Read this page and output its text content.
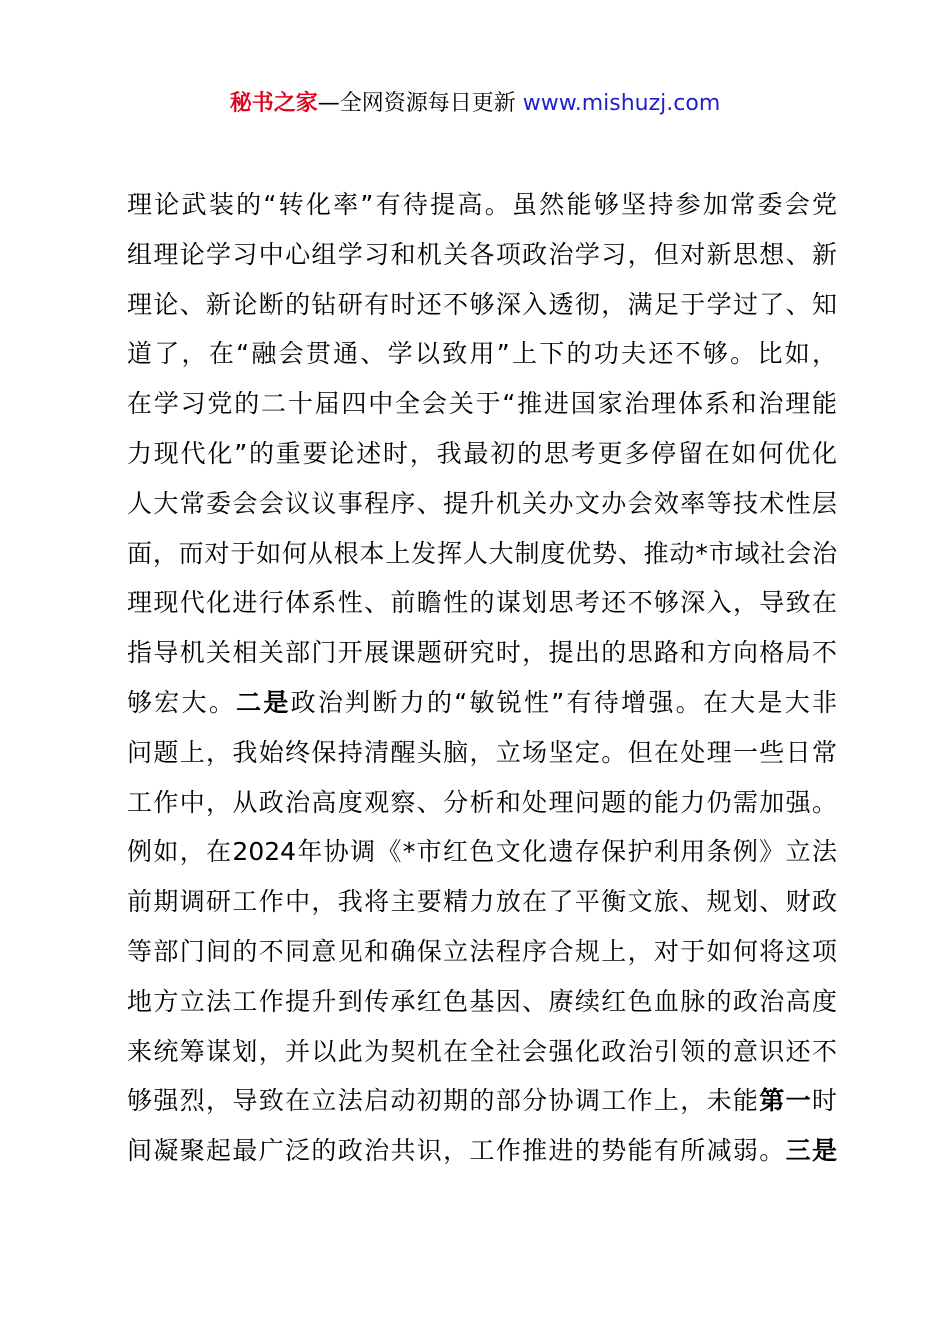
秘书之家—全网资源每日更新 www.mishuzj.com
理论武装的“转化率”有待提高。虽然能够坚持参加常委会党
组理论学习中心组学习和机关各项政治学习，但对新思想、新
理论、新论断的钻研有时还不够深入透彻，满足于学过了、知
道了，在“融会贯通、学以致用”上下的功夫还不够。比如，
在学习党的二十届四中全会关于“推进国家治理体系和治理能
力现代化”的重要论述时，我最初的思考更多停留在如何优化
人大常委会会议议事程序、提升机关办文办会效率等技术性层
面，而对于如何从根本上发挥人大制度优势、推动*市域社会治
理现代化进行体系性、前瞻性的谋划思考还不够深入，导致在
指导机关相关部门开展课题研究时，提出的思路和方向格局不
够宏大。二是政治判断力的“敏锐性”有待增强。在大是大非
问题上，我始终保持清醒头脑，立场坚定。但在处理一些日常
工作中，从政治高度观察、分析和处理问题的能力仍需加强。
例如，在2024年协调《*市红色文化遗存保护利用条例》立法
前期调研工作中，我将主要精力放在了平衡文旅、规划、财政
等部门间的不同意见和确保立法程序合规上，对于如何将这项
地方立法工作提升到传承红色基因、赓续红色血脉的政治高度
来统筹谋划，并以此为契机在全社会强化政治引领的意识还不
够强烈，导致在立法启动初期的部分协调工作上，未能第一时
间凝聚起最广泛的政治共识，工作推进的势能有所减弱。三是
